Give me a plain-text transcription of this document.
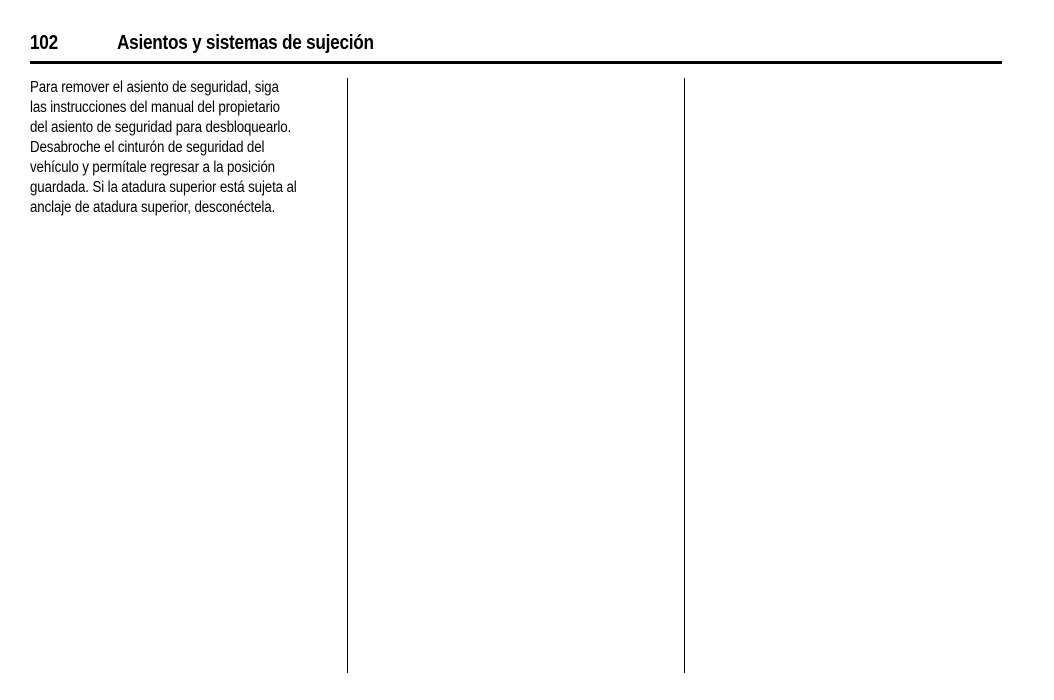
102	Asientos y sistemas de sujeción

Para remover el asiento de seguridad, siga
las instrucciones del manual del propietario
del asiento de seguridad para desbloquearlo.
Desabroche el cinturón de seguridad del
vehículo y permítale regresar a la posición
guardada. Si la atadura superior está sujeta al
anclaje de atadura superior, desconéctela.
